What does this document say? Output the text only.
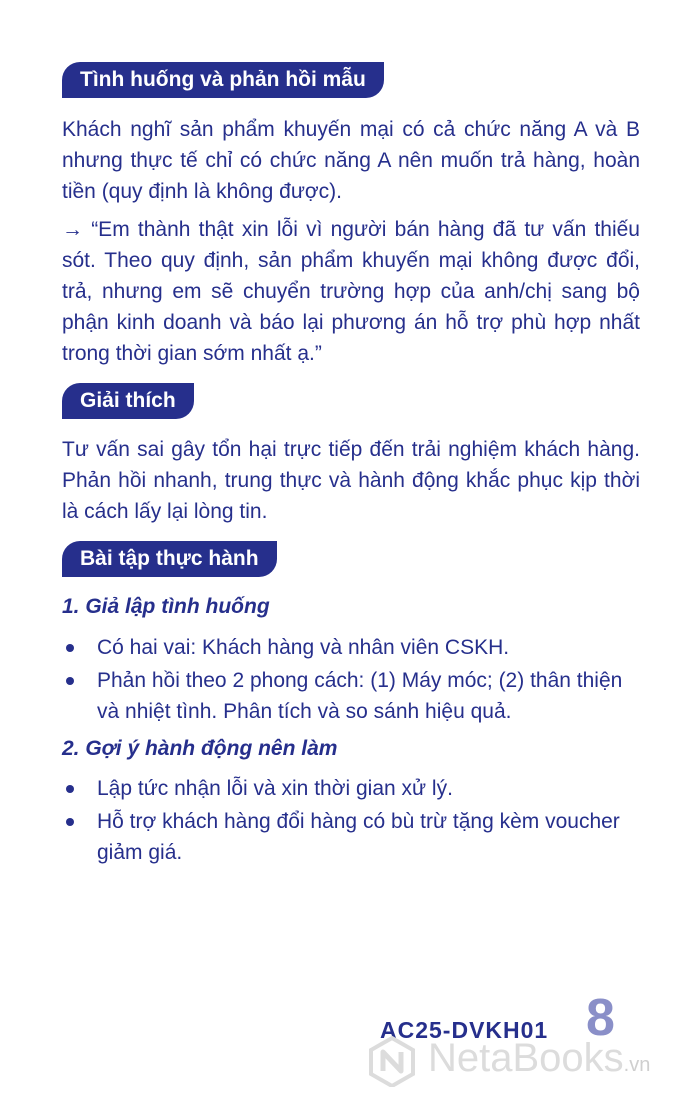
Tình huống và phản hồi mẫu

Khách nghĩ sản phẩm khuyến mại có cả chức năng A và B nhưng thực tế chỉ có chức năng A nên muốn trả hàng, hoàn tiền (quy định là không được).

→ “Em thành thật xin lỗi vì người bán hàng đã tư vấn thiếu sót. Theo quy định, sản phẩm khuyến mại không được đổi, trả, nhưng em sẽ chuyển trường hợp của anh/chị sang bộ phận kinh doanh và báo lại phương án hỗ trợ phù hợp nhất trong thời gian sớm nhất ạ.”

Giải thích

Tư vấn sai gây tổn hại trực tiếp đến trải nghiệm khách hàng. Phản hồi nhanh, trung thực và hành động khắc phục kịp thời là cách lấy lại lòng tin.

Bài tập thực hành

1. Giả lập tình huống

Có hai vai: Khách hàng và nhân viên CSKH.
Phản hồi theo 2 phong cách: (1) Máy móc; (2) thân thiện và nhiệt tình. Phân tích và so sánh hiệu quả.

2. Gợi ý hành động nên làm

Lập tức nhận lỗi và xin thời gian xử lý.
Hỗ trợ khách hàng đổi hàng có bù trừ tặng kèm voucher giảm giá.
AC25-DVKH01 8
NetaBooks.vn
